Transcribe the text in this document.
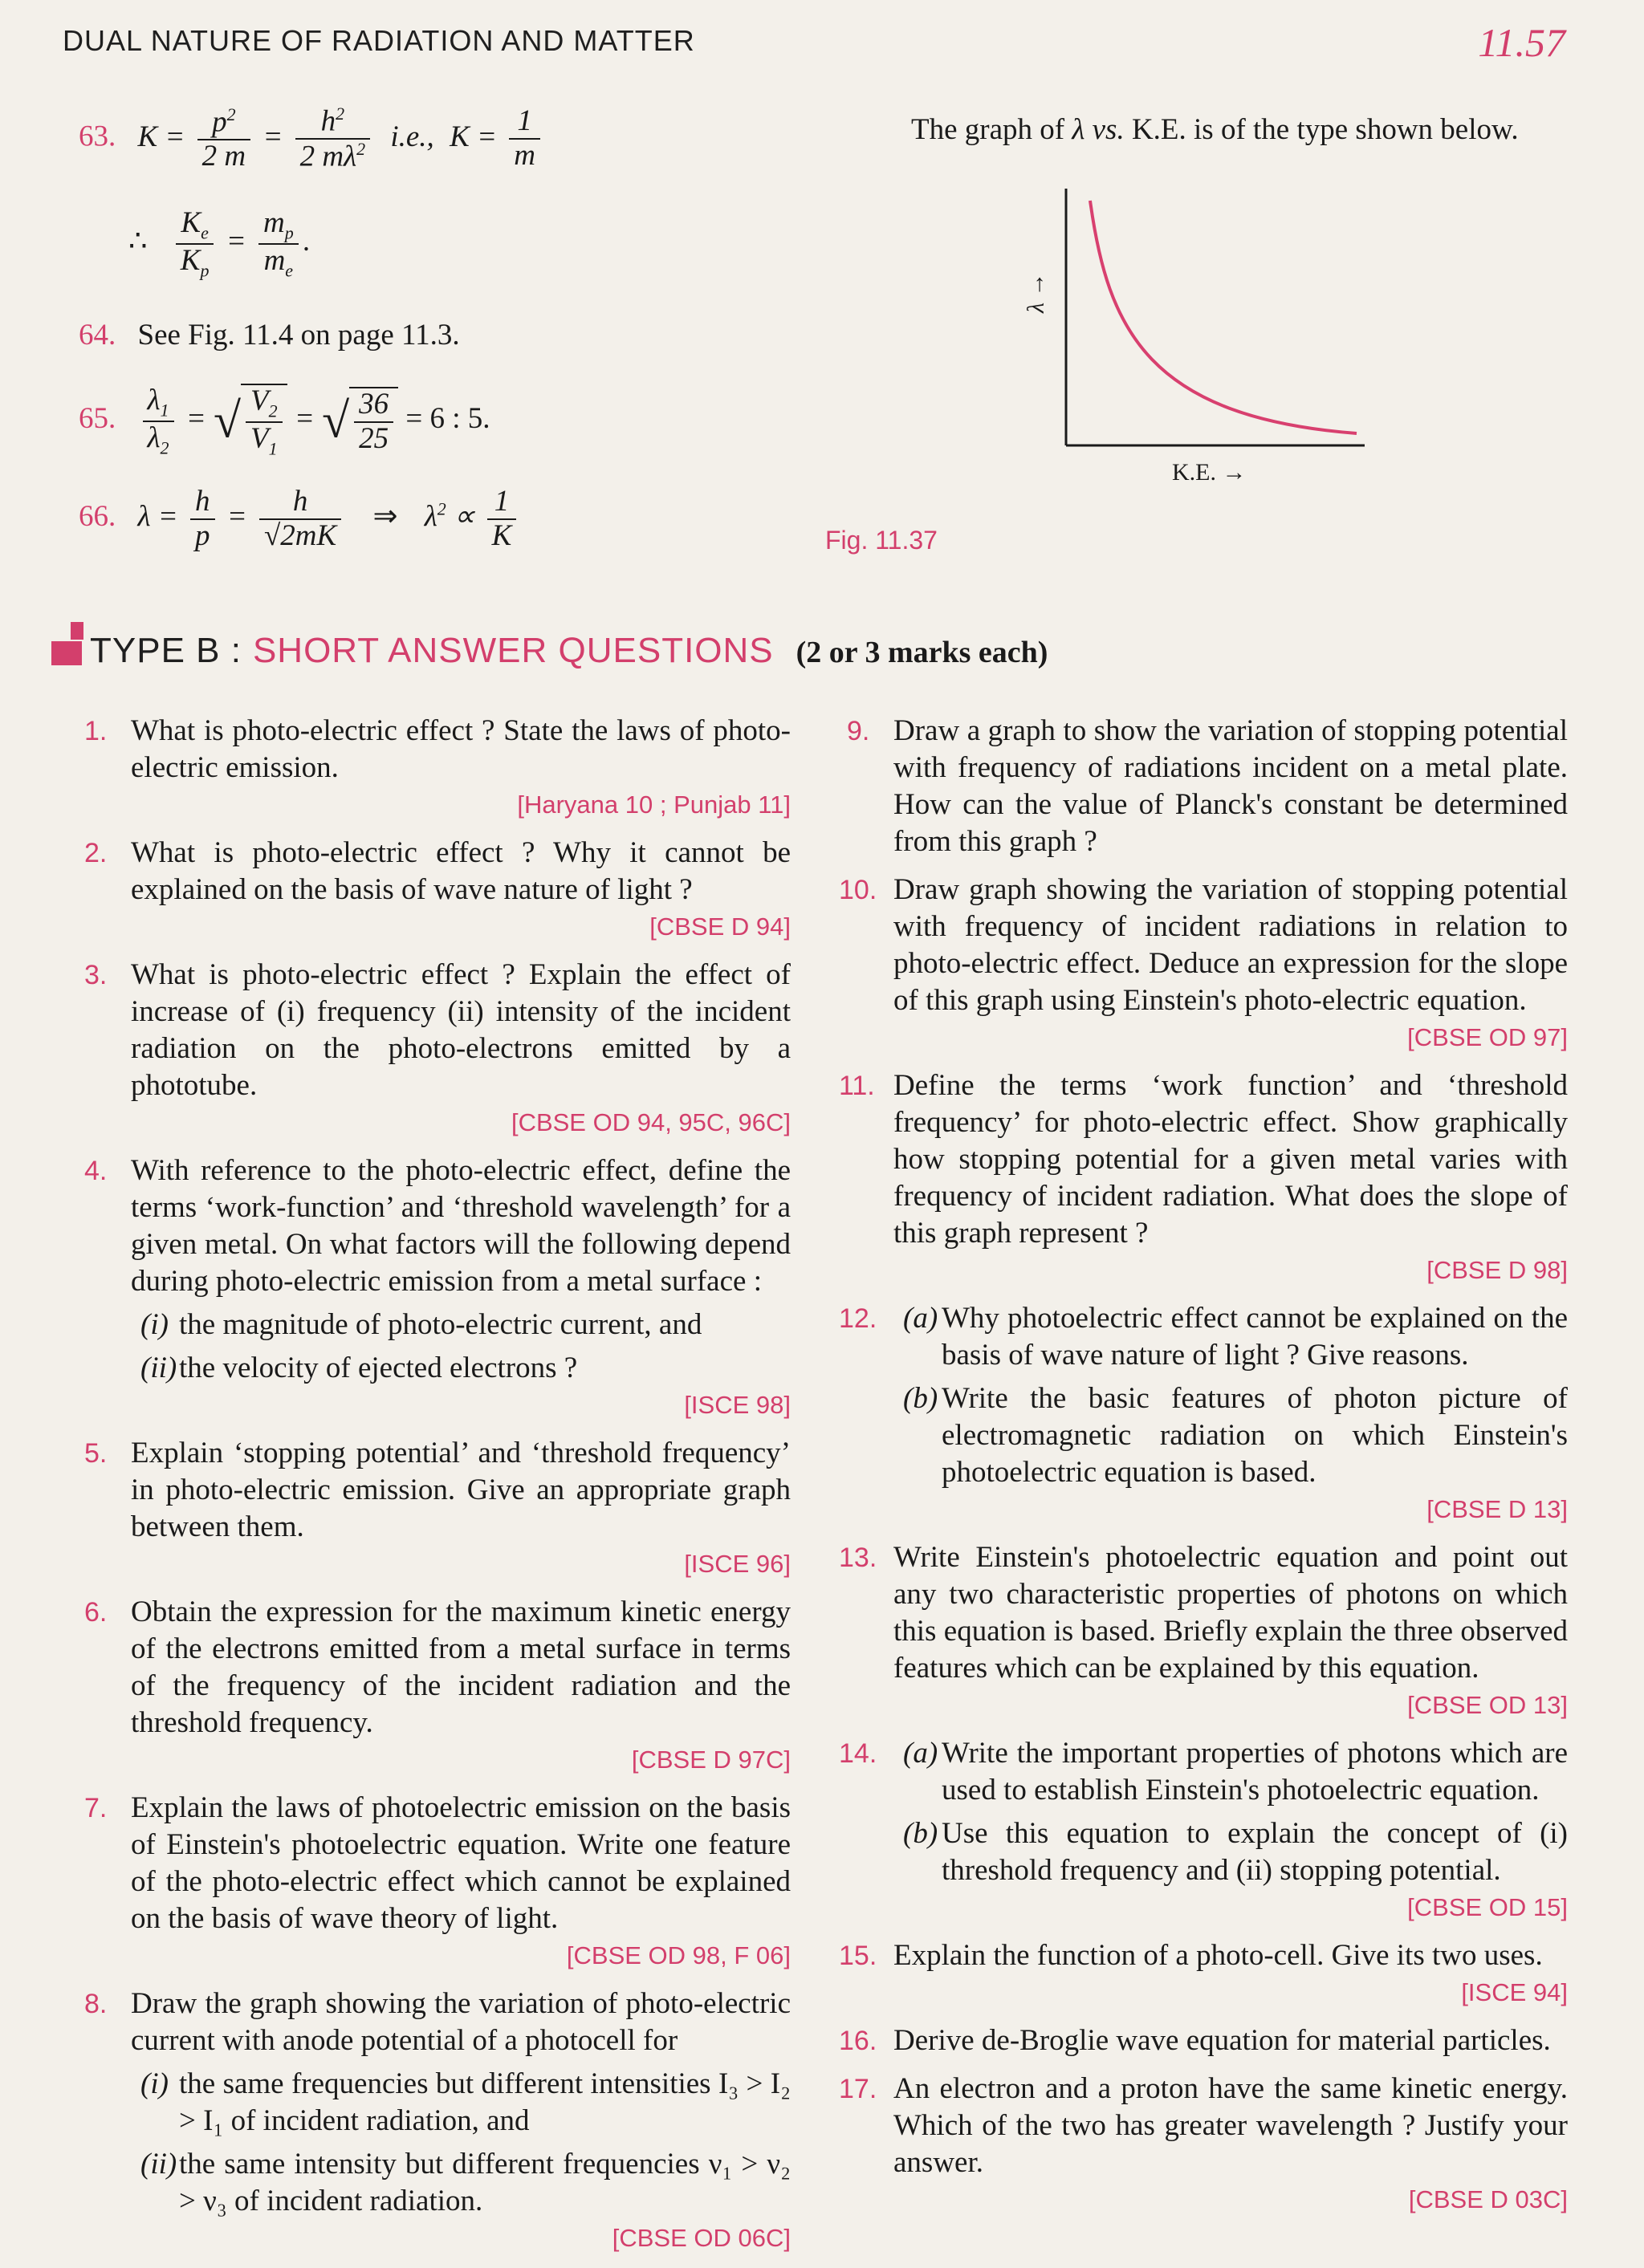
DUAL NATURE OF RADIATION AND MATTER	11.57
63. $K = \frac{p^2}{2 m} = \frac{h^2}{2 m\lambda^2} i.e$., $K = \frac{1}{m}$
∴ $\frac{K_e}{K_p} = \frac{m_p}{m_e}$ .
64. See Fig. 11.4 on page 11.3.
65. $\frac{\lambda_1}{\lambda_2}$ = √ $\frac{V_2}{V_1}$ = √ $\frac{36}{25} = 6$ : 5.
66. $\lambda = \frac{h}{p} = \frac{h}{√2mK}$ ⇒ $\lambda^2 \propto \frac{1}{K}$
The graph of λ vs. K.E. is of the type shown below.
λ →
K.E. →
Fig. 11.37
TYPE B : SHORT ANSWER QUESTIONS (2 or 3 marks each)
1. What is photo-electric effect ? State the laws of photo-electric emission.
[Haryana 10 ; Punjab 11]
2. What is photo-electric effect ? Why it cannot be explained on the basis of wave nature of light ?
[CBSE D 94]
3. What is photo-electric effect ? Explain the effect of increase of (i) frequency (ii) intensity of the incident radiation on the photo-electrons emitted by a phototube.
[CBSE OD 94, 95C, 96C]
4. With reference to the photo-electric effect, define the terms ‘work-function’ and ‘threshold wavelength’ for a given metal. On what factors will the following depend during photo-electric emission from a metal surface :
(i) the magnitude of photo-electric current, and
(ii) the velocity of ejected electrons ?
[ISCE 98]
5. Explain ‘stopping potential’ and ‘threshold frequency’ in photo-electric emission. Give an appropriate graph between them.
[ISCE 96]
6. Obtain the expression for the maximum kinetic energy of the electrons emitted from a metal surface in terms of the frequency of the incident radiation and the threshold frequency.
[CBSE D 97C]
7. Explain the laws of photoelectric emission on the basis of Einstein's photoelectric equation. Write one feature of the photo-electric effect which cannot be explained on the basis of wave theory of light.
[CBSE OD 98, F 06]
8. Draw the graph showing the variation of photo-electric current with anode potential of a photocell for
(i) the same frequencies but different intensities I₃ > I₂ > I₁ of incident radiation, and
(ii) the same intensity but different frequencies ν₁ > ν₂ > ν₃ of incident radiation.
[CBSE OD 06C]
9. Draw a graph to show the variation of stopping potential with frequency of radiations incident on a metal plate. How can the value of Planck's constant be determined from this graph ?
10. Draw graph showing the variation of stopping potential with frequency of incident radiations in relation to photo-electric effect. Deduce an expression for the slope of this graph using Einstein's photo-electric equation.
[CBSE OD 97]
11. Define the terms ‘work function’ and ‘threshold frequency’ for photo-electric effect. Show graphically how stopping potential for a given metal varies with frequency of incident radiation. What does the slope of this graph represent ?
[CBSE D 98]
12. (a) Why photoelectric effect cannot be explained on the basis of wave nature of light ? Give reasons.
(b) Write the basic features of photon picture of electromagnetic radiation on which Einstein's photoelectric equation is based.
[CBSE D 13]
13. Write Einstein's photoelectric equation and point out any two characteristic properties of photons on which this equation is based. Briefly explain the three observed features which can be explained by this equation.
[CBSE OD 13]
14. (a) Write the important properties of photons which are used to establish Einstein's photoelectric equation.
(b) Use this equation to explain the concept of (i) threshold frequency and (ii) stopping potential.
[CBSE OD 15]
15. Explain the function of a photo-cell. Give its two uses.
[ISCE 94]
16. Derive de-Broglie wave equation for material particles.
17. An electron and a proton have the same kinetic energy. Which of the two has greater wavelength ? Justify your answer.
[CBSE D 03C]
